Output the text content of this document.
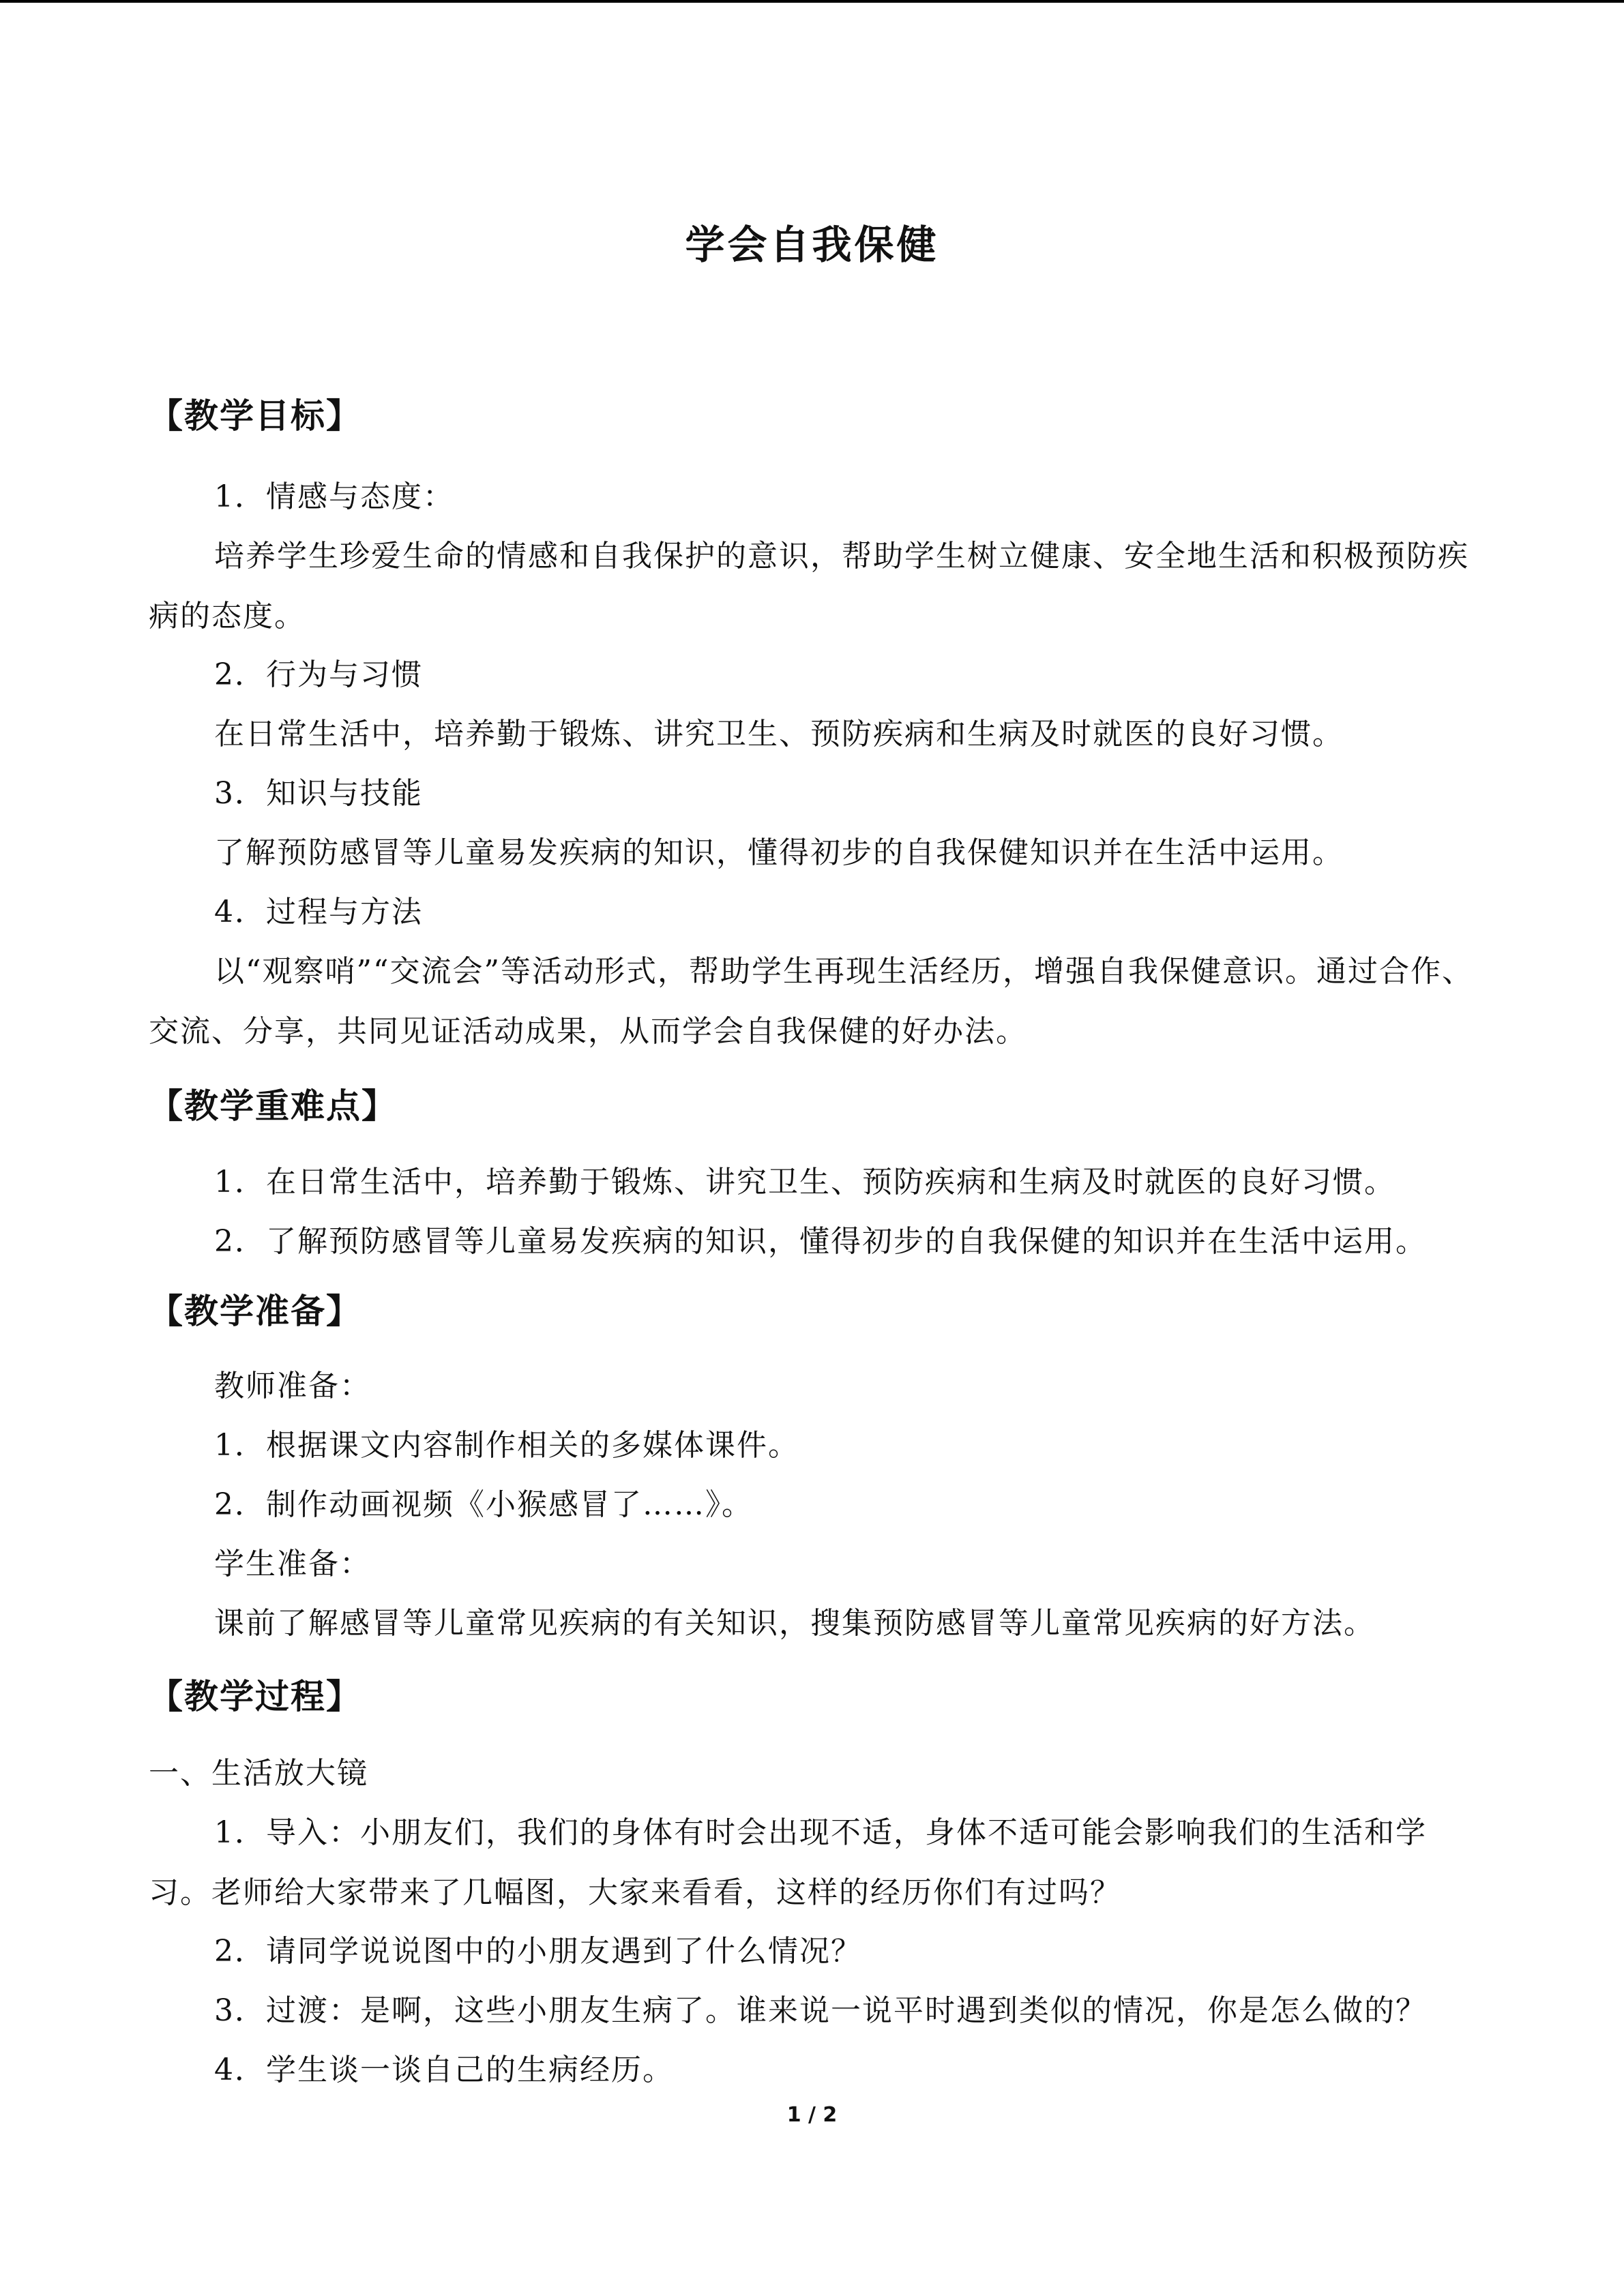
学会自我保健
【教学目标】
1．情感与态度：
培养学生珍爱生命的情感和自我保护的意识，帮助学生树立健康、安全地生活和积极预防疾病的态度。
2．行为与习惯
在日常生活中，培养勤于锻炼、讲究卫生、预防疾病和生病及时就医的良好习惯。
3．知识与技能
了解预防感冒等儿童易发疾病的知识，懂得初步的自我保健知识并在生活中运用。
4．过程与方法
以“观察哨”“交流会”等活动形式，帮助学生再现生活经历，增强自我保健意识。通过合作、交流、分享，共同见证活动成果，从而学会自我保健的好办法。
【教学重难点】
1．在日常生活中，培养勤于锻炼、讲究卫生、预防疾病和生病及时就医的良好习惯。
2．了解预防感冒等儿童易发疾病的知识，懂得初步的自我保健的知识并在生活中运用。
【教学准备】
教师准备：
1．根据课文内容制作相关的多媒体课件。
2．制作动画视频《小猴感冒了……》。
学生准备：
课前了解感冒等儿童常见疾病的有关知识，搜集预防感冒等儿童常见疾病的好方法。
【教学过程】
一、生活放大镜
1．导入：小朋友们，我们的身体有时会出现不适，身体不适可能会影响我们的生活和学习。老师给大家带来了几幅图，大家来看看，这样的经历你们有过吗？
2．请同学说说图中的小朋友遇到了什么情况？
3．过渡：是啊，这些小朋友生病了。谁来说一说平时遇到类似的情况，你是怎么做的？
4．学生谈一谈自己的生病经历。
1 / 2
